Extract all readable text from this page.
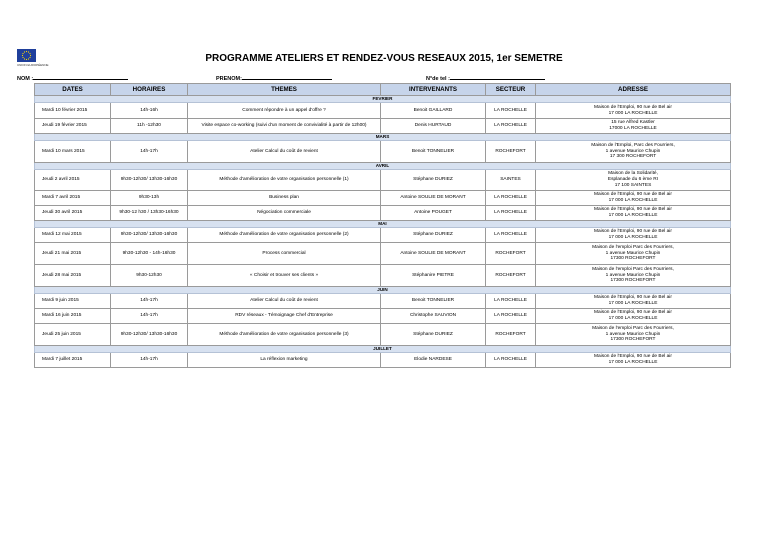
UNION EUROPÉENNE
PROGRAMME ATELIERS ET RENDEZ-VOUS RESEAUX 2015, 1er SEMETRE
NOM :	PRENOM:	N°de tel :
DATES	HORAIRES	THEMES	INTERVENANTS	SECTEUR	ADRESSE
FEVRIER					
Mardi 10 février 2015	14h-16h	Comment répondre à un appel d'offre ?	Benoit GAILLARD	LA ROCHELLE	Maison de l'Emploi, 90 rue de Bel air
17 000 LA ROCHELLE
Jeudi 19 février 2015	11h -12h30	Visite espace co-working (suivi d'un moment de convivialité à partir de 12h00)	Denis HURTAUD	LA ROCHELLE	15 rue Alfred Kastler
17000 LA ROCHELLE
MARS					
Mardi 10 mars 2015	14h-17h	Atelier Calcul du coût de revient	Benoit TONNELIER	ROCHEFORT	Maison de l'Emploi, Parc des Fourriers,
1 avenue Maurice Chupin
17 300 ROCHEFORT
AVRIL					
Jeudi 2 avril 2015	9h30-12h30/ 13h30-16h30	Méthode d'amélioration de votre organisation personnelle (1)	Stéphane DURIEZ	SAINTES	Maison de la Solidarité,
Esplanade du 6 ème RI
17 100 SAINTES
Mardi 7 avril 2015	9h30-13h	Business plan	Antoine SOULIE DE MORANT	LA ROCHELLE	Maison de l'Emploi, 90 rue de Bel air
17 000 LA ROCHELLE
Jeudi 30 avril 2015	9h30-12 h30 / 13h30-16h30	Négociation commerciale	Antoine POUGET	LA ROCHELLE	Maison de l'Emploi, 90 rue de Bel air
17 000 LA ROCHELLE
MAI					
Mardi 12 mai 2015	9h30-12h30/ 13h30-16h30	Méthode d'amélioration de votre organisation personnelle (2)	Stéphane DURIEZ	LA ROCHELLE	Maison de l'Emploi, 90 rue de Bel air
17 000 LA ROCHELLE
Jeudi 21 mai 2015	9h30-12h30 - 14h-16h30	Process commercial	Antoine SOULIE DE MORANT	ROCHEFORT	Maison de l'emploi Parc des Fourriers,
1 avenue Maurice Chupin
17300 ROCHEFORT
Jeudi 28 mai 2015	9h30-12h30	« Choisir et trouver ses clients »	Stéphanire PIETRE	ROCHEFORT	Maison de l'emploi Parc des Fourriers,
1 avenue Maurice Chupin
17300 ROCHEFORT
JUIN					
Mardi 9 juin 2015	14h-17h	Atelier Calcul du coût de revient	Benoit TONNELIER	LA ROCHELLE	Maison de l'Emploi, 90 rue de Bel air
17 000 LA ROCHELLE
Mardi 16 juin 2015	14h-17h	RDV réseaux - Témoignage Chef d'Entreprise	Christophe SAUVION	LA ROCHELLE	Maison de l'Emploi, 90 rue de Bel air
17 000 LA ROCHELLE
Jeudi 25 juin 2015	9h30-12h30/ 13h30-16h30	Méthode d'amélioration de votre organisation personnelle (3)	Stéphane DURIEZ	ROCHEFORT	Maison de l'emploi Parc des Fourriers,
1 avenue Maurice Chupin
17300 ROCHEFORT
JUILLET					
Mardi 7 juillet 2015	14h-17h	La réflexion marketing	Elodie NARDESE	LA ROCHELLE	Maison de l'Emploi, 90 rue de Bel air
17 000 LA ROCHELLE
